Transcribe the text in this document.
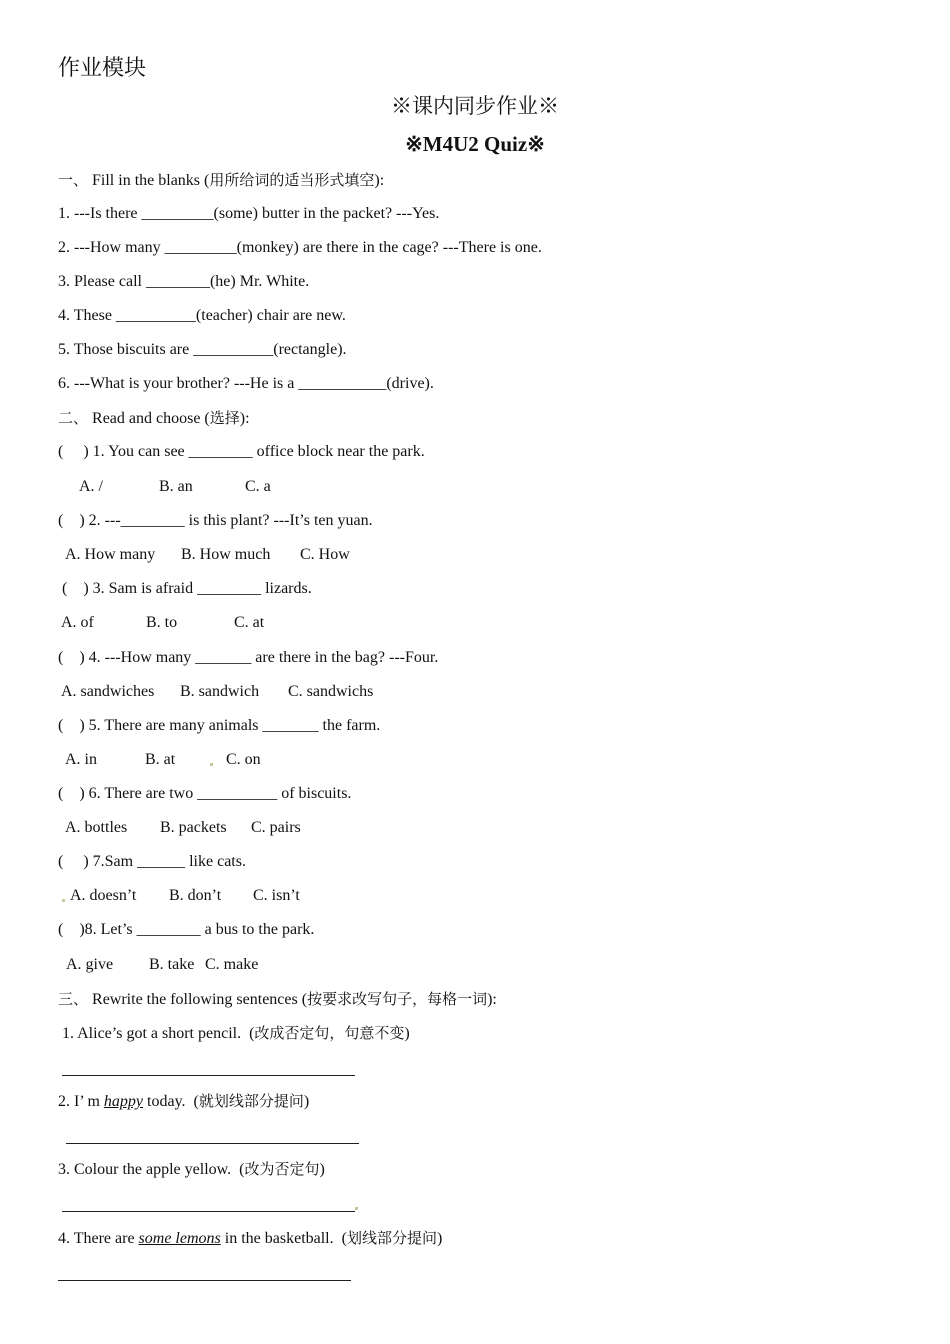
作业模块
※课内同步作业※
※M4U2 Quiz※
一、 Fill in the blanks (用所给词的适当形式填空):
1. ---Is there _________(some) butter in the packet? ---Yes.
2. ---How many _________(monkey) are there in the cage? ---There is one.
3. Please call ________(he) Mr. White.
4. These __________(teacher) chair are new.
5. Those biscuits are __________(rectangle).
6. ---What is your brother? ---He is a ___________(drive).
二、 Read and choose (选择):
(     ) 1. You can see ________ office block near the park.
A. /	B. an	C. a
(    ) 2. ---________ is this plant? ---It’s ten yuan.
A. How many B. How much C. How
(    ) 3. Sam is afraid ________ lizards.
A. of	B. to	C. at
(    ) 4. ---How many _______ are there in the bag? ---Four.
A. sandwiches B. sandwich C. sandwichs
(    ) 5. There are many animals _______ the farm.
A. in	B. at	C. on
(    ) 6. There are two __________ of biscuits.
A. bottles B. packets C. pairs
(     ) 7.Sam ______ like cats.
A. doesn’t B. don’t C. isn’t
(    )8. Let’s ________ a bus to the park.
A. give B. take C. make
三、 Rewrite the following sentences (按要求改写句子，每格一词):
1. Alice’s got a short pencil.  (改成否定句，句意不变)
2. I’ m happy today.  (就划线部分提问)
3. Colour the apple yellow.  (改为否定句)
4. There are some lemons in the basketball.  (划线部分提问)
